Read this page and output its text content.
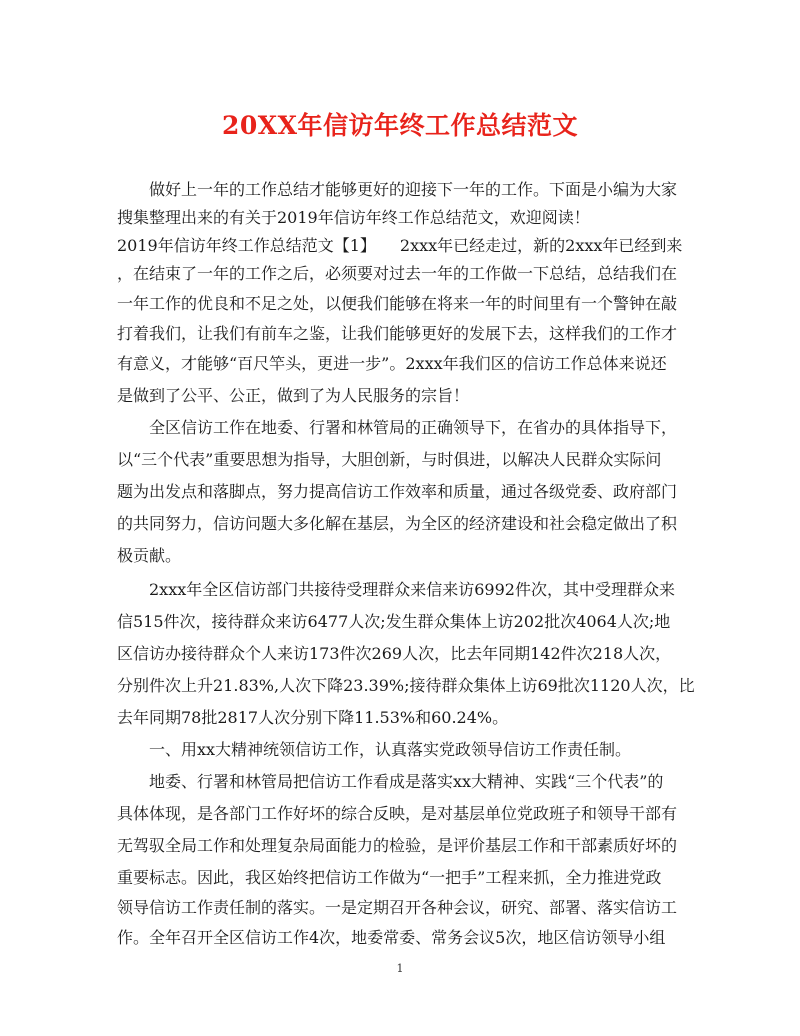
20XX年信访年终工作总结范文
　　做好上一年的工作总结才能够更好的迎接下一年的工作。下面是小编为大家
搜集整理出来的有关于2019年信访年终工作总结范文，欢迎阅读！
2019年信访年终工作总结范文【1】　　2xxx年已经走过，新的2xxx年已经到来
，在结束了一年的工作之后，必须要对过去一年的工作做一下总结，总结我们在
一年工作的优良和不足之处，以便我们能够在将来一年的时间里有一个警钟在敲
打着我们，让我们有前车之鉴，让我们能够更好的发展下去，这样我们的工作才
有意义，才能够“百尺竿头，更进一步”。2xxx年我们区的信访工作总体来说还
是做到了公平、公正，做到了为人民服务的宗旨！
　　全区信访工作在地委、行署和林管局的正确领导下，在省办的具体指导下，
以“三个代表”重要思想为指导，大胆创新，与时俱进，以解决人民群众实际问
题为出发点和落脚点，努力提高信访工作效率和质量，通过各级党委、政府部门
的共同努力，信访问题大多化解在基层，为全区的经济建设和社会稳定做出了积
极贡献。
　　2xxx年全区信访部门共接待受理群众来信来访6992件次，其中受理群众来
信515件次，接待群众来访6477人次;发生群众集体上访202批次4064人次;地
区信访办接待群众个人来访173件次269人次，比去年同期142件次218人次，
分别件次上升21.83%,人次下降23.39%;接待群众集体上访69批次1120人次，比
去年同期78批2817人次分别下降11.53%和60.24%。
　　一、用xx大精神统领信访工作，认真落实党政领导信访工作责任制。
　　地委、行署和林管局把信访工作看成是落实xx大精神、实践“三个代表”的
具体体现，是各部门工作好坏的综合反映，是对基层单位党政班子和领导干部有
无驾驭全局工作和处理复杂局面能力的检验，是评价基层工作和干部素质好坏的
重要标志。因此，我区始终把信访工作做为“一把手”工程来抓，全力推进党政
领导信访工作责任制的落实。一是定期召开各种会议，研究、部署、落实信访工
作。全年召开全区信访工作4次，地委常委、常务会议5次，地区信访领导小组
1
